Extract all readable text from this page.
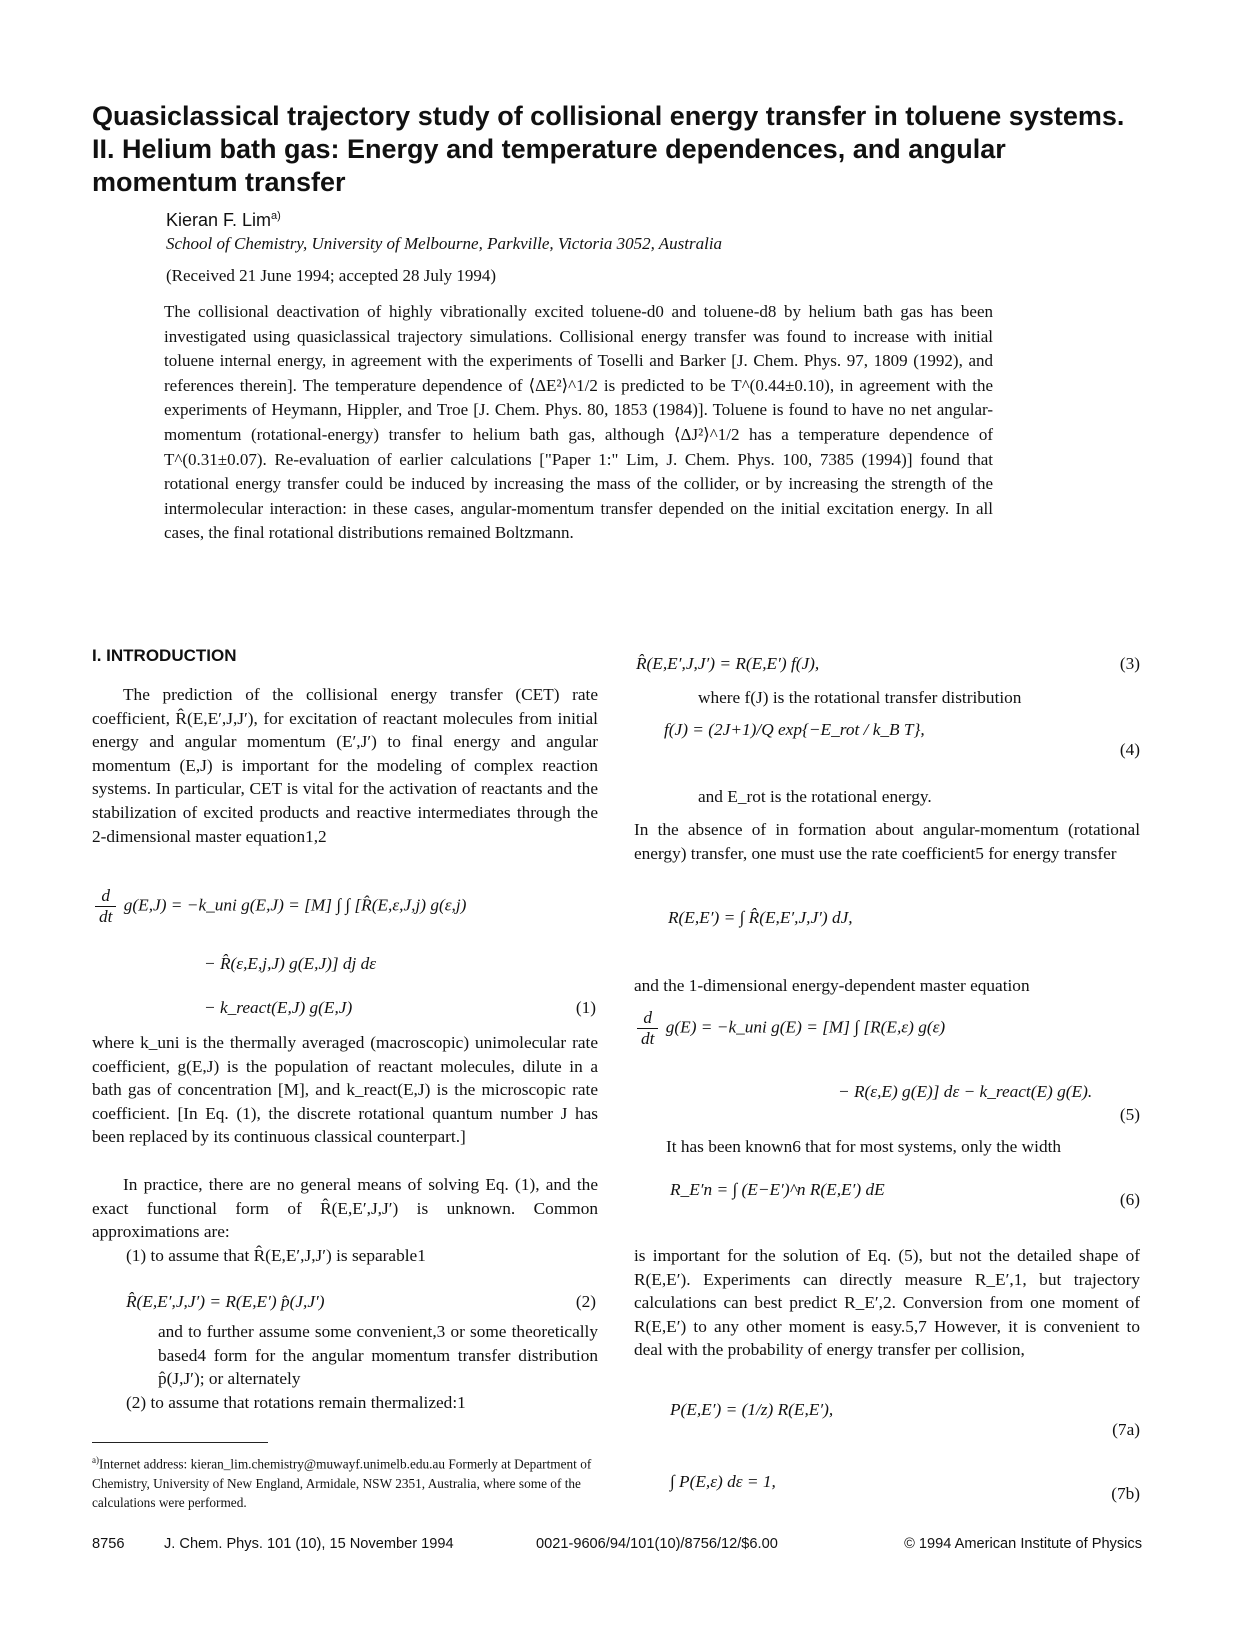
Quasiclassical trajectory study of collisional energy transfer in toluene systems. II. Helium bath gas: Energy and temperature dependences, and angular momentum transfer
Kieran F. Lim$^{a)}$
School of Chemistry, University of Melbourne, Parkville, Victoria 3052, Australia
(Received 21 June 1994; accepted 28 July 1994)

The collisional deactivation of highly vibrationally excited toluene-d0 and toluene-d8 by helium bath gas has been investigated using quasiclassical trajectory simulations. Collisional energy transfer was found to increase with initial toluene internal energy, in agreement with the experiments of Toselli and Barker [J. Chem. Phys. 97, 1809 (1992), and references therein]. The temperature dependence of ⟨ΔE²⟩^1/2 is predicted to be T^(0.44±0.10), in agreement with the experiments of Heymann, Hippler, and Troe [J. Chem. Phys. 80, 1853 (1984)]. Toluene is found to have no net angular-momentum (rotational-energy) transfer to helium bath gas, although ⟨ΔJ²⟩^1/2 has a temperature dependence of T^(0.31±0.07). Re-evaluation of earlier calculations ["Paper 1:" Lim, J. Chem. Phys. 100, 7385 (1994)] found that rotational energy transfer could be induced by increasing the mass of the collider, or by increasing the strength of the intermolecular interaction: in these cases, angular-momentum transfer depended on the initial excitation energy. In all cases, the final rotational distributions remained Boltzmann.

I. INTRODUCTION

The prediction of the collisional energy transfer (CET) rate coefficient, R̂(E,E′,J,J′), for excitation of reactant molecules from initial energy and angular momentum (E′,J′) to final energy and angular momentum (E,J) is important for the modeling of complex reaction systems. In particular, CET is vital for the activation of reactants and the stabilization of excited products and reactive intermediates through the 2-dimensional master equation1,2

$\frac{d}{dt} g(E,J)$ = −k_uni g(E,J) = [M] ∫ ∫ [R̂(E,ε,J,j) g(ε,j)
− R̂(ε,E,j,J) g(E,J)] dj dε
− k_react(E,J) g(E,J)	(1)

where k_uni is the thermally averaged (macroscopic) unimolecular rate coefficient, g(E,J) is the population of reactant molecules, dilute in a bath gas of concentration [M], and k_react(E,J) is the microscopic rate coefficient. [In Eq. (1), the discrete rotational quantum number J has been replaced by its continuous classical counterpart.]

In practice, there are no general means of solving Eq. (1), and the exact functional form of R̂(E,E′,J,J′) is unknown. Common approximations are:

(1) to assume that R̂(E,E′,J,J′) is separable1
R̂(E,E′,J,J′) = R(E,E′) p̂(J,J′)	(2)

and to further assume some convenient,3 or some theoretically based4 form for the angular momentum transfer distribution p̂(J,J′); or alternately

(2) to assume that rotations remain thermalized:1
$^{a)}$Internet address: kieran_lim.chemistry@muwayf.unimelb.edu.au Formerly at Department of Chemistry, University of New England, Armidale, NSW 2351, Australia, where some of the calculations were performed.
R̂(E,E′,J,J′) = R(E,E′) f(J),	(3)
where f(J) is the rotational transfer distribution
f(J) = (2J+1)/Q exp{−E_rot / k_B T},
(4)
and E_rot is the rotational energy.

In the absence of in formation about angular-momentum (rotational energy) transfer, one must use the rate coefficient5 for energy transfer

R(E,E′) = ∫ R̂(E,E′,J,J′) dJ,
and the 1-dimensional energy-dependent master equation
$\frac{d}{dt} g(E)$ = −k_uni g(E) = [M] ∫ [R(E,ε) g(ε)
− R(ε,E) g(E)] dε − k_react(E) g(E).
(5)
It has been known6 that for most systems, only the width
R_E′n = ∫ (E−E′)^n R(E,E′) dE
(6)

is important for the solution of Eq. (5), but not the detailed shape of R(E,E′). Experiments can directly measure R_E′,1, but trajectory calculations can best predict R_E′,2. Conversion from one moment of R(E,E′) to any other moment is easy.5,7 However, it is convenient to deal with the probability of energy transfer per collision,

P(E,E′) = (1/z) R(E,E′),
(7a)
∫ P(E,ε) dε = 1,
(7b)
8756	J. Chem. Phys. 101 (10), 15 November 1994	0021-9606/94/101(10)/8756/12/$6.00	© 1994 American Institute of Physics
